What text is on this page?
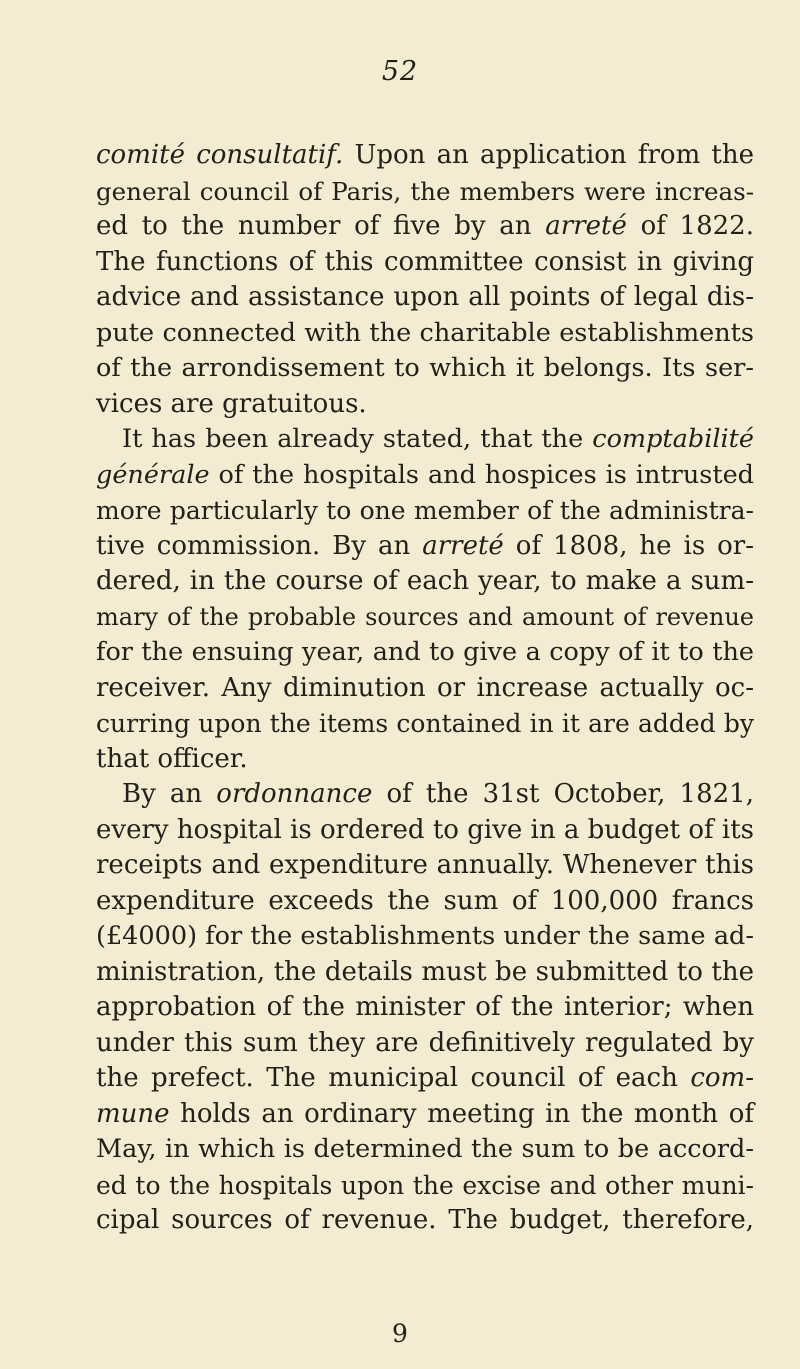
52
comité consultatif. Upon an application from the
general council of Paris, the members were increas-
ed to the number of five by an arreté of 1822.
The functions of this committee consist in giving
advice and assistance upon all points of legal dis-
pute connected with the charitable establishments
of the arrondissement to which it belongs. Its ser-
vices are gratuitous.
It has been already stated, that the comptabilité
générale of the hospitals and hospices is intrusted
more particularly to one member of the administra-
tive commission. By an arreté of 1808, he is or-
dered, in the course of each year, to make a sum-
mary of the probable sources and amount of revenue
for the ensuing year, and to give a copy of it to the
receiver. Any diminution or increase actually oc-
curring upon the items contained in it are added by
that officer.
By an ordonnance of the 31st October, 1821,
every hospital is ordered to give in a budget of its
receipts and expenditure annually. Whenever this
expenditure exceeds the sum of 100,000 francs
(£4000) for the establishments under the same ad-
ministration, the details must be submitted to the
approbation of the minister of the interior; when
under this sum they are definitively regulated by
the prefect. The municipal council of each com-
mune holds an ordinary meeting in the month of
May, in which is determined the sum to be accord-
ed to the hospitals upon the excise and other muni-
cipal sources of revenue. The budget, therefore,
9
